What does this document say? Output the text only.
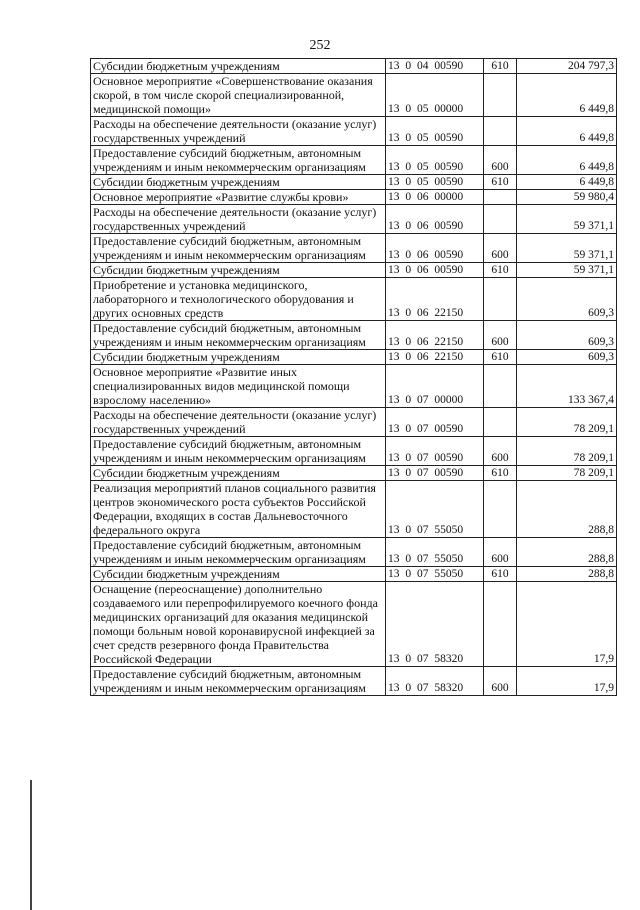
252
Субсидии бюджетным учреждениям	13 0 04 00590	610	204 797,3
Основное мероприятие «Совершенствование оказания скорой, в том числе скорой специализированной, медицинской помощи»	13 0 05 00000		6 449,8
Расходы на обеспечение деятельности (оказание услуг) государственных учреждений	13 0 05 00590		6 449,8
Предоставление субсидий бюджетным, автономным учреждениям и иным некоммерческим организациям	13 0 05 00590	600	6 449,8
Субсидии бюджетным учреждениям	13 0 05 00590	610	6 449,8
Основное мероприятие «Развитие службы крови»	13 0 06 00000		59 980,4
Расходы на обеспечение деятельности (оказание услуг) государственных учреждений	13 0 06 00590		59 371,1
Предоставление субсидий бюджетным, автономным учреждениям и иным некоммерческим организациям	13 0 06 00590	600	59 371,1
Субсидии бюджетным учреждениям	13 0 06 00590	610	59 371,1
Приобретение и установка медицинского, лабораторного и технологического оборудования и других основных средств	13 0 06 22150		609,3
Предоставление субсидий бюджетным, автономным учреждениям и иным некоммерческим организациям	13 0 06 22150	600	609,3
Субсидии бюджетным учреждениям	13 0 06 22150	610	609,3
Основное мероприятие «Развитие иных специализированных видов медицинской помощи взрослому населению»	13 0 07 00000		133 367,4
Расходы на обеспечение деятельности (оказание услуг) государственных учреждений	13 0 07 00590		78 209,1
Предоставление субсидий бюджетным, автономным учреждениям и иным некоммерческим организациям	13 0 07 00590	600	78 209,1
Субсидии бюджетным учреждениям	13 0 07 00590	610	78 209,1
Реализация мероприятий планов социального развития центров экономического роста субъектов Российской Федерации, входящих в состав Дальневосточного федерального округа	13 0 07 55050		288,8
Предоставление субсидий бюджетным, автономным учреждениям и иным некоммерческим организациям	13 0 07 55050	600	288,8
Субсидии бюджетным учреждениям	13 0 07 55050	610	288,8
Оснащение (переоснащение) дополнительно создаваемого или перепрофилируемого коечного фонда медицинских организаций для оказания медицинской помощи больным новой коронавирусной инфекцией за счет средств резервного фонда Правительства Российской Федерации	13 0 07 58320		17,9
Предоставление субсидий бюджетным, автономным учреждениям и иным некоммерческим организациям	13 0 07 58320	600	17,9
